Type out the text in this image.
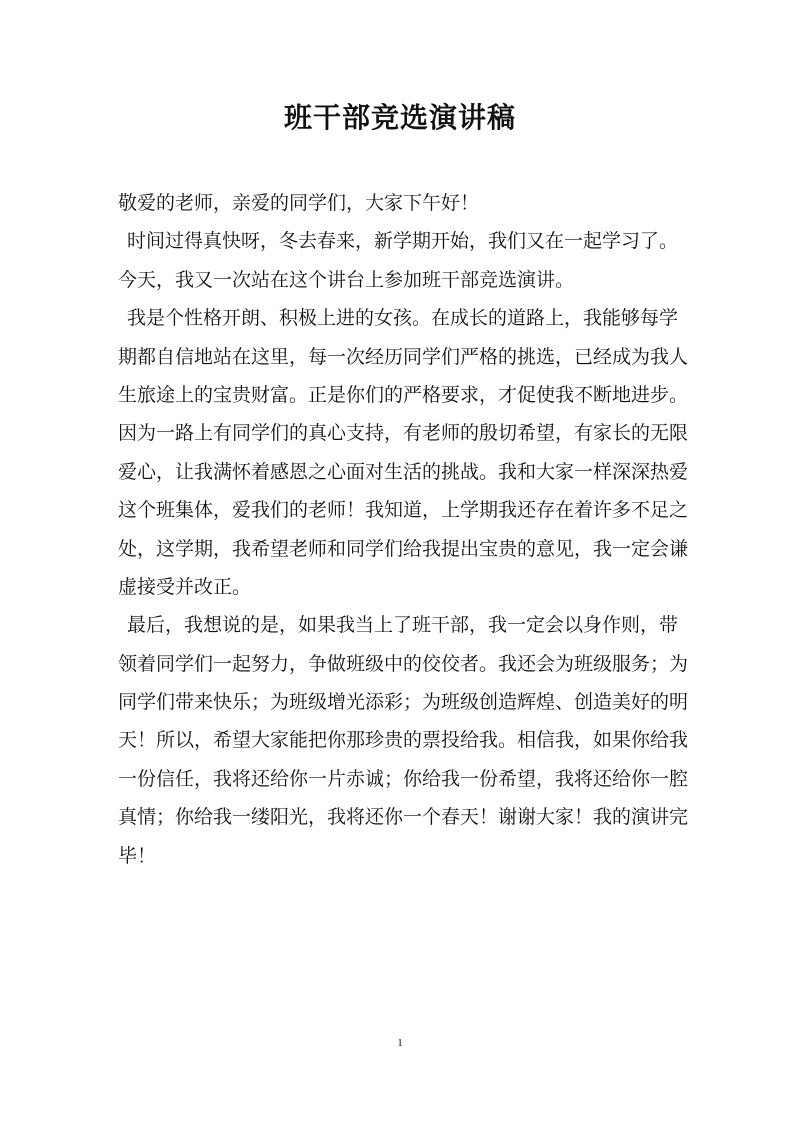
班干部竞选演讲稿
敬爱的老师，亲爱的同学们，大家下午好！
时间过得真快呀，冬去春来，新学期开始，我们又在一起学习了。
今天，我又一次站在这个讲台上参加班干部竞选演讲。
我是个性格开朗、积极上进的女孩。在成长的道路上，我能够每学
期都自信地站在这里，每一次经历同学们严格的挑选，已经成为我人
生旅途上的宝贵财富。正是你们的严格要求，才促使我不断地进步。
因为一路上有同学们的真心支持，有老师的殷切希望，有家长的无限
爱心，让我满怀着感恩之心面对生活的挑战。我和大家一样深深热爱
这个班集体，爱我们的老师！我知道，上学期我还存在着许多不足之
处，这学期，我希望老师和同学们给我提出宝贵的意见，我一定会谦
虚接受并改正。
最后，我想说的是，如果我当上了班干部，我一定会以身作则，带
领着同学们一起努力，争做班级中的佼佼者。我还会为班级服务；为
同学们带来快乐；为班级增光添彩；为班级创造辉煌、创造美好的明
天！所以，希望大家能把你那珍贵的票投给我。相信我，如果你给我
一份信任，我将还给你一片赤诚；你给我一份希望，我将还给你一腔
真情；你给我一缕阳光，我将还你一个春天！谢谢大家！我的演讲完
毕！
1
